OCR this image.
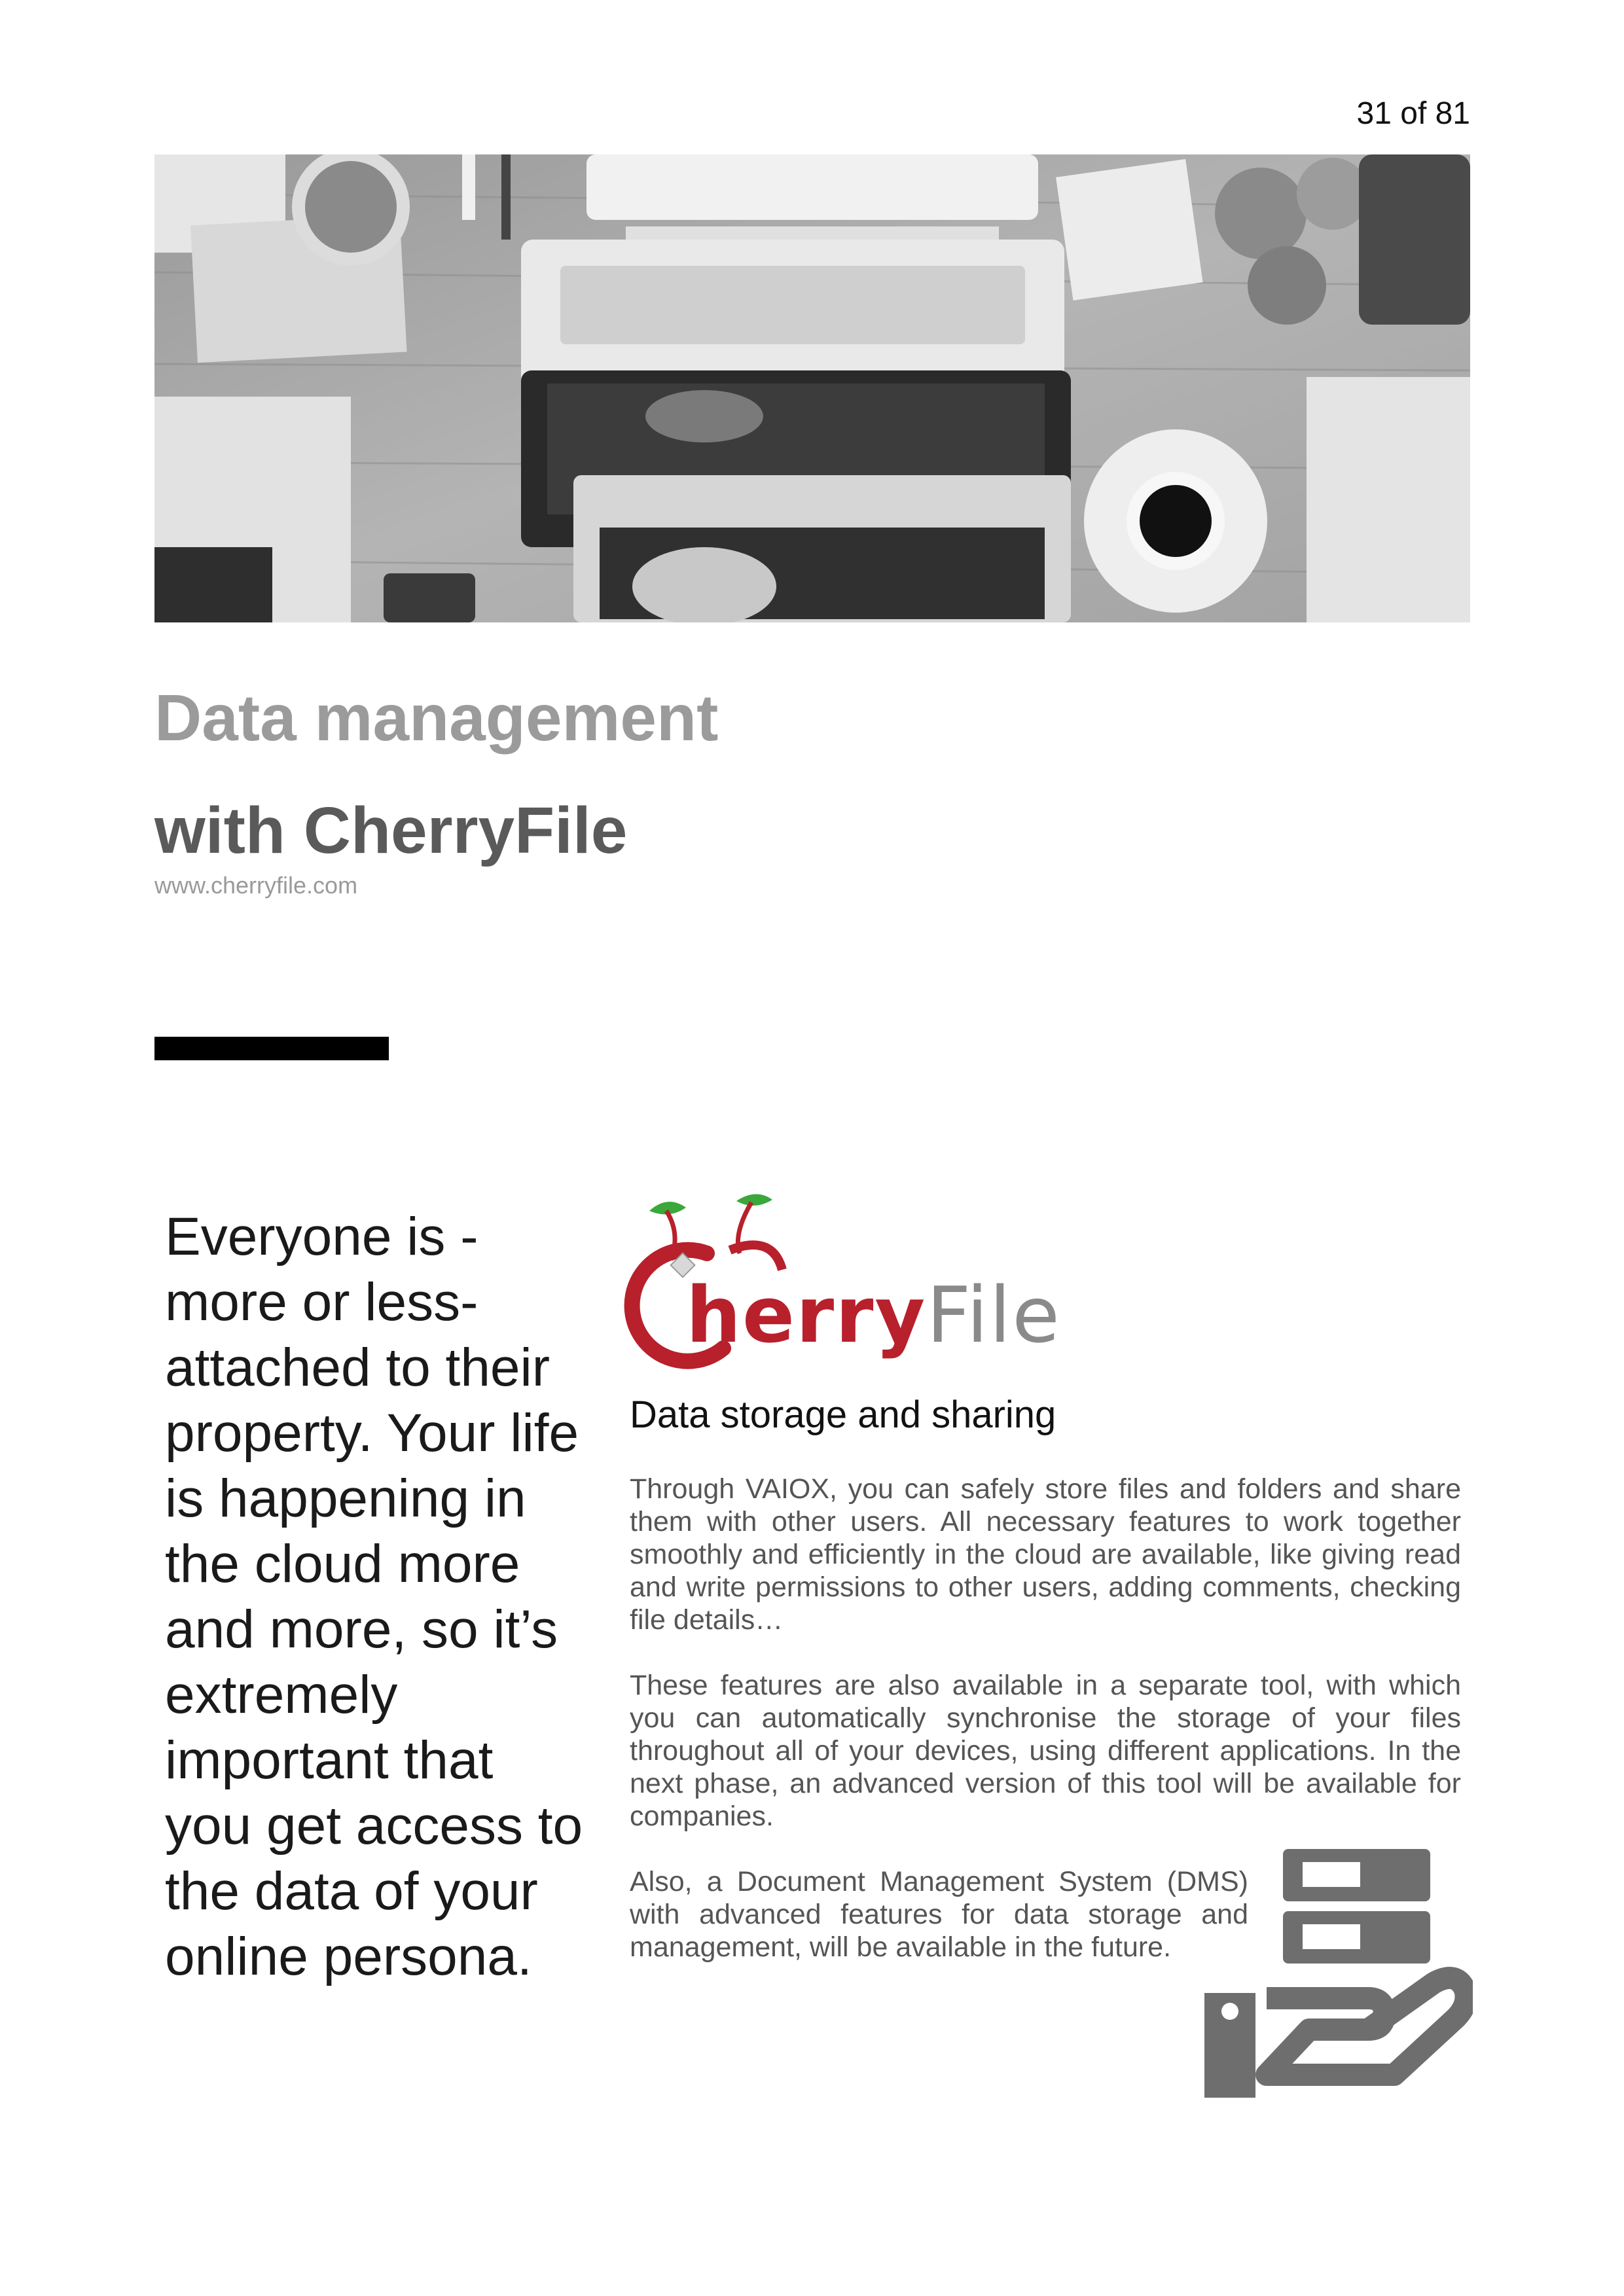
31 of 81
Data management
with CherryFile
www.cherryfile.com
Everyone is -more or less- attached to their property. Your life is happening in the cloud more and more, so it’s extremely important that you get access to the data of your online persona.
herryFile
Data storage and sharing
Through VAIOX, you can safely store files and folders and share them with other users. All necessary features to work together smoothly and efficiently in the cloud are available, like giving read and write permissions to other users, adding comments, checking file details…
These features are also available in a separate tool, with which you can automatically synchronise the storage of your files throughout all of your devices, using different applications. In the next phase, an advanced version of this tool will be available for companies.
Also, a Document Management System (DMS) with advanced features for data storage and management, will be available in the future.
